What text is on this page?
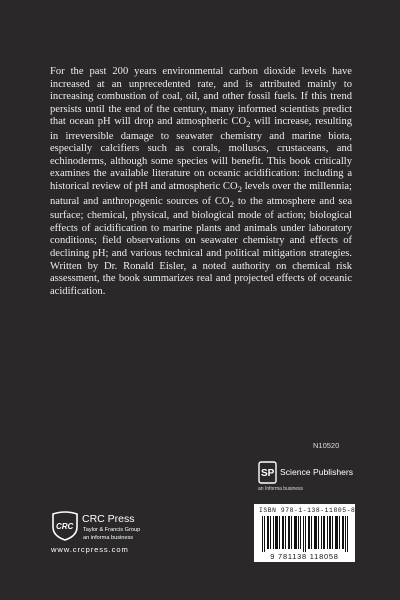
For the past 200 years environmental carbon dioxide levels have increased at an unprecedented rate, and is attributed mainly to increasing combustion of coal, oil, and other fossil fuels. If this trend persists until the end of the century, many informed scientists predict that ocean pH will drop and atmospheric $CO_2$ will increase, resulting in irreversible damage to seawater chemistry and marine biota, especially calcifiers such as corals, molluscs, crustaceans, and echinoderms, although some species will benefit. This book critically examines the available literature on oceanic acidification: including a historical review of pH and atmospheric $CO_2$ levels over the millennia; natural and anthropogenic sources of $CO_2$ to the atmosphere and sea surface; chemical, physical, and biological mode of action; biological effects of acidification to marine plants and animals under laboratory conditions; field observations on seawater chemistry and effects of declining pH; and various technical and political mitigation strategies. Written by Dr. Ronald Eisler, a noted authority on chemical risk assessment, the book summarizes real and projected effects of oceanic acidification.

N10520
SP Science Publishers
an Informa business
ISBN 978-1-138-11805-8
9 781138 118058
CRC
CRC Press
Taylor & Francis Group
an informa business
www.crcpress.com
